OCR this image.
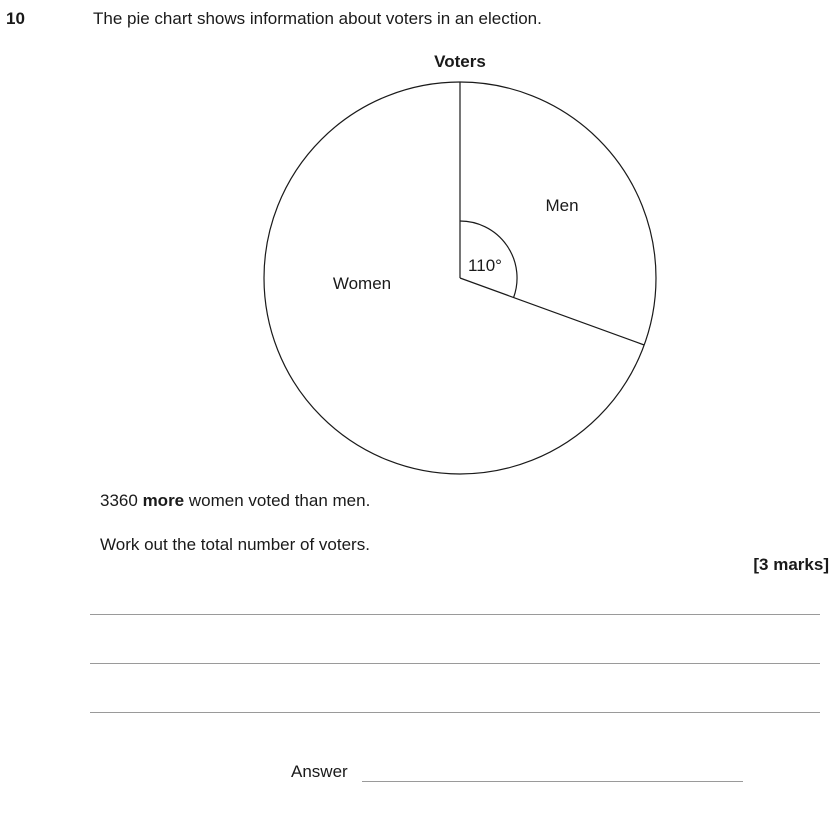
10	The pie chart shows information about voters in an election.
Voters
Men
Women
110°
3360 more women voted than men.
Work out the total number of voters.
[3 marks]
Answer
